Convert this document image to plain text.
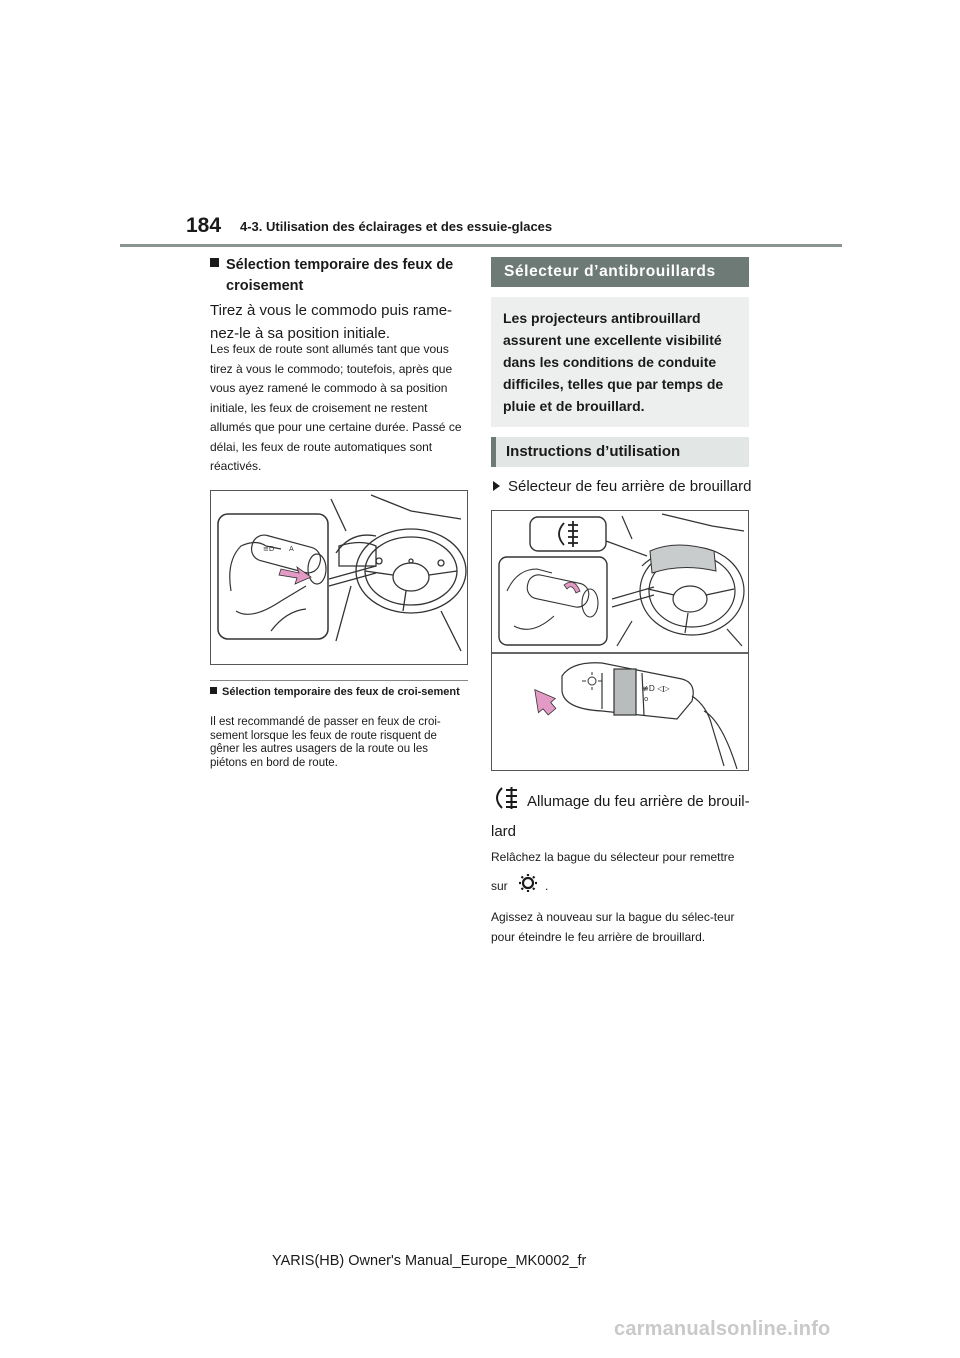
184 4-3. Utilisation des éclairages et des essuie-glaces
Sélection temporaire des feux de croisement
Tirez à vous le commodo puis rame-nez-le à sa position initiale.
Les feux de route sont allumés tant que vous tirez à vous le commodo; toutefois, après que vous ayez ramené le commodo à sa position initiale, les feux de croisement ne restent allumés que pour une certaine durée. Passé ce délai, les feux de route automatiques sont réactivés.
≡D A
Sélection temporaire des feux de croi-sement
Il est recommandé de passer en feux de croi-sement lorsque les feux de route risquent de gêner les autres usagers de la route ou les piétons en bord de route.
Sélecteur d’antibrouillards
Les projecteurs antibrouillard assurent une excellente visibilité dans les conditions de conduite difficiles, telles que par temps de pluie et de brouillard.
Instructions d’utilisation
Sélecteur de feu arrière de brouillard
≢D ◁▷
o
Allumage du feu arrière de brouil-lard
Relâchez la bague du sélecteur pour remettre sur	.
Agissez à nouveau sur la bague du sélec-teur pour éteindre le feu arrière de brouillard.
YARIS(HB) Owner's Manual_Europe_MK0002_fr
carmanualsonline.info
